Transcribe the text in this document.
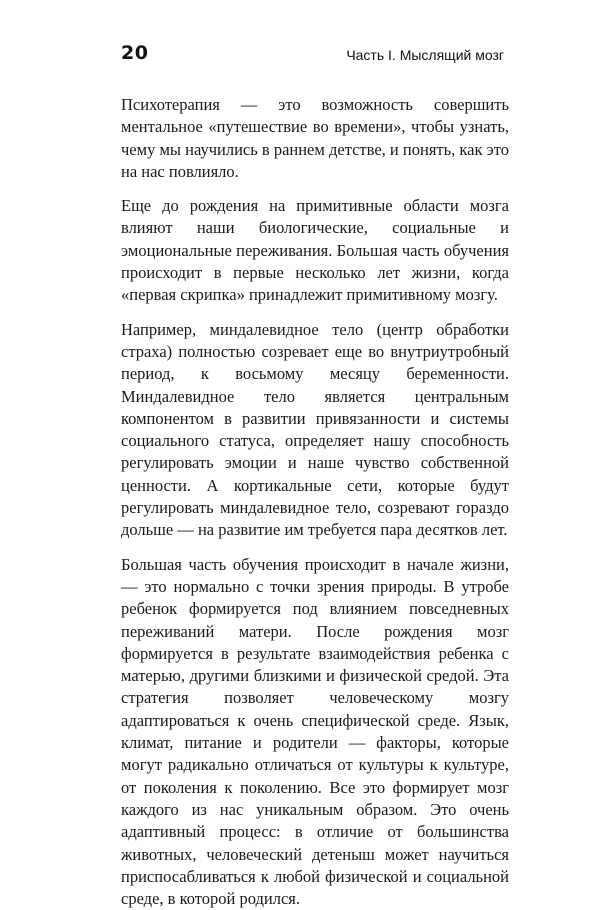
20	Часть I. Мыслящий мозг

Психотерапия — это возможность совершить ментальное «путешествие во времени», чтобы узнать, чему мы научились в раннем детстве, и понять, как это на нас повлияло.

Еще до рождения на примитивные области мозга влияют наши биологические, социальные и эмоциональные переживания. Большая часть обучения происходит в первые несколько лет жизни, когда «первая скрипка» принадлежит примитивному мозгу.

Например, миндалевидное тело (центр обработки страха) полностью созревает еще во внутриутробный период, к восьмому месяцу беременности. Миндалевидное тело является центральным компонентом в развитии привязанности и системы социального статуса, определяет нашу способность регулировать эмоции и наше чувство собственной ценности. А кортикальные сети, которые будут регулировать миндалевидное тело, созревают гораздо дольше — на развитие им требуется пара десятков лет.

Большая часть обучения происходит в начале жизни, — это нормально с точки зрения природы. В утробе ребенок формируется под влиянием повседневных переживаний матери. После рождения мозг формируется в результате взаимодействия ребенка с матерью, другими близкими и физической средой. Эта стратегия позволяет человеческому мозгу адаптироваться к очень специфической среде. Язык, климат, питание и родители — факторы, которые могут радикально отличаться от культуры к культуре, от поколения к поколению. Все это формирует мозг каждого из нас уникальным образом. Это очень адаптивный процесс: в отличие от большинства животных, человеческий детеныш может научиться приспосабливаться к любой физической и социальной среде, в которой родился.
